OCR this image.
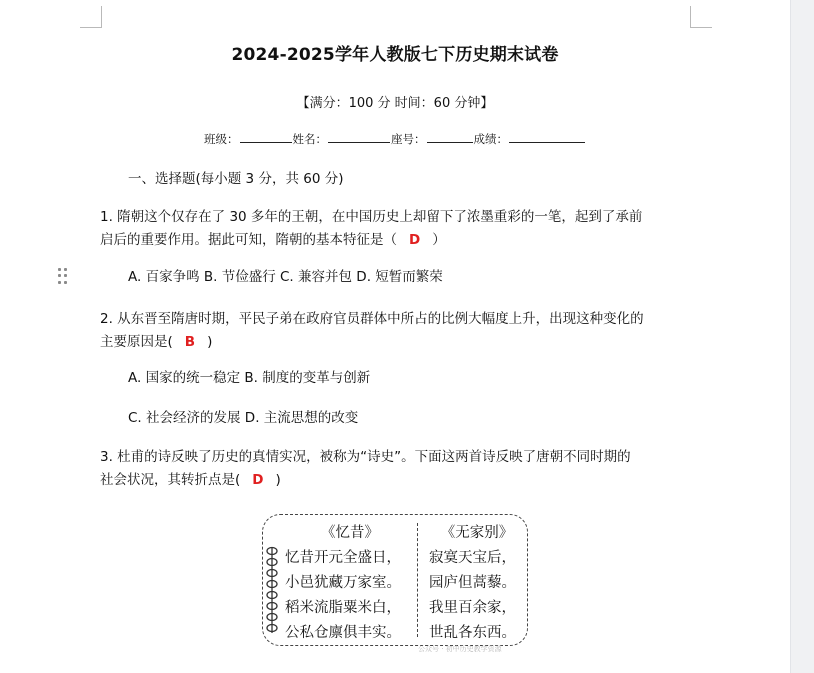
2024-2025学年人教版七下历史期末试卷
【满分：100 分 时间：60 分钟】
班级：	姓名：	座号：	成绩：
一、选择题(每小题 3 分，共 60 分)
1. 隋朝这个仅存在了 30 多年的王朝，在中国历史上却留下了浓墨重彩的一笔，起到了承前
启后的重要作用。据此可知，隋朝的基本特征是（ D ）
A. 百家争鸣 B. 节俭盛行 C. 兼容并包 D. 短暂而繁荣
2. 从东晋至隋唐时期，平民子弟在政府官员群体中所占的比例大幅度上升，出现这种变化的
主要原因是( B )
A. 国家的统一稳定 B. 制度的变革与创新
C. 社会经济的发展 D. 主流思想的改变
3. 杜甫的诗反映了历史的真情实况，被称为“诗史”。下面这两首诗反映了唐朝不同时期的
社会状况，其转折点是( D )
《忆昔》
忆昔开元全盛日，
小邑犹藏万家室。
稻米流脂粟米白，
公私仓廪俱丰实。
《无家别》
寂寞天宝后，
园庐但蒿藜。
我里百余家，
世乱各东西。
公众号 · 初中历史教学资源
